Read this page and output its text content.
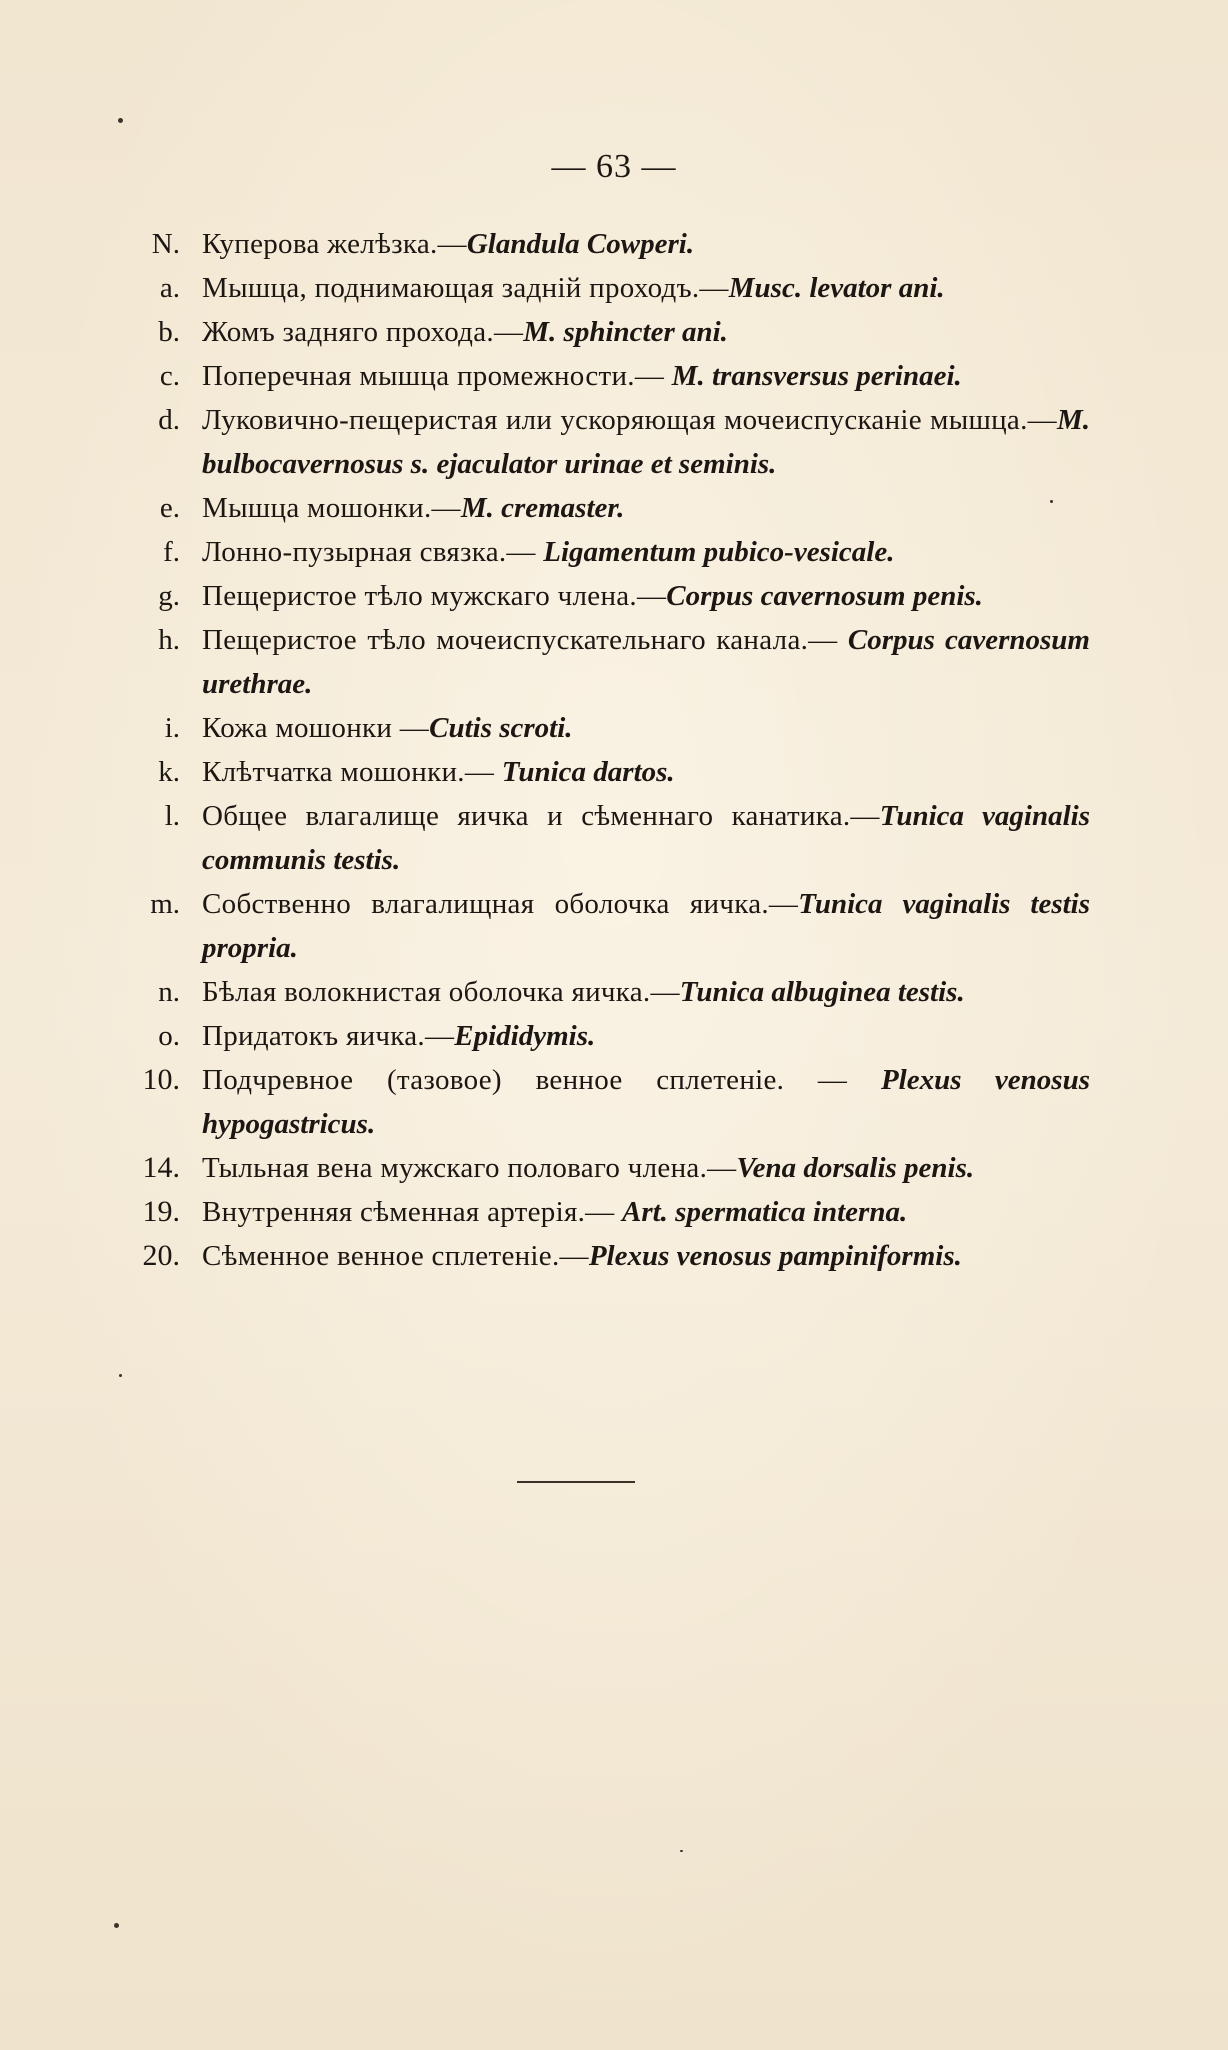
— 63 —
N. Куперова желѣзка.—Glandula Cowperi.
a. Мышца, поднимающая заднiй проходъ.—Musc. levator ani.
b. Жомъ задняго прохода.—M. sphincter ani.
c. Поперечная мышца промежности.— M. transversus perinaei.
d. Луковично-пещеристая или ускоряющая мочеиспусканiе мышца.—M. bulbocavernosus s. ejaculator urinae et seminis.
e. Мышца мошонки.—M. cremaster.
f. Лонно-пузырная связка.— Ligamentum pubico-vesicale.
g. Пещеристое тѣло мужскаго члена.—Corpus cavernosum penis.
h. Пещеристое тѣло мочеиспускательнаго канала.— Corpus cavernosum urethrae.
i. Кожа мошонки —Cutis scroti.
k. Клѣтчатка мошонки.— Tunica dartos.
l. Общее влагалище яичка и сѣменнаго канатика.—Tunica vaginalis communis testis.
m. Собственно влагалищная оболочка яичка.—Tunica vaginalis testis propria.
n. Бѣлая волокнистая оболочка яичка.—Tunica albuginea testis.
o. Придатокъ яичка.—Epididymis.
10. Подчревное (тазовое) венное сплетенiе. — Plexus venosus hypogastricus.
14. Тыльная вена мужскаго половаго члена.—Vena dorsalis penis.
19. Внутренняя сѣменная артерiя.— Art. spermatica interna.
20. Сѣменное венное сплетенiе.—Plexus venosus pampiniformis.
